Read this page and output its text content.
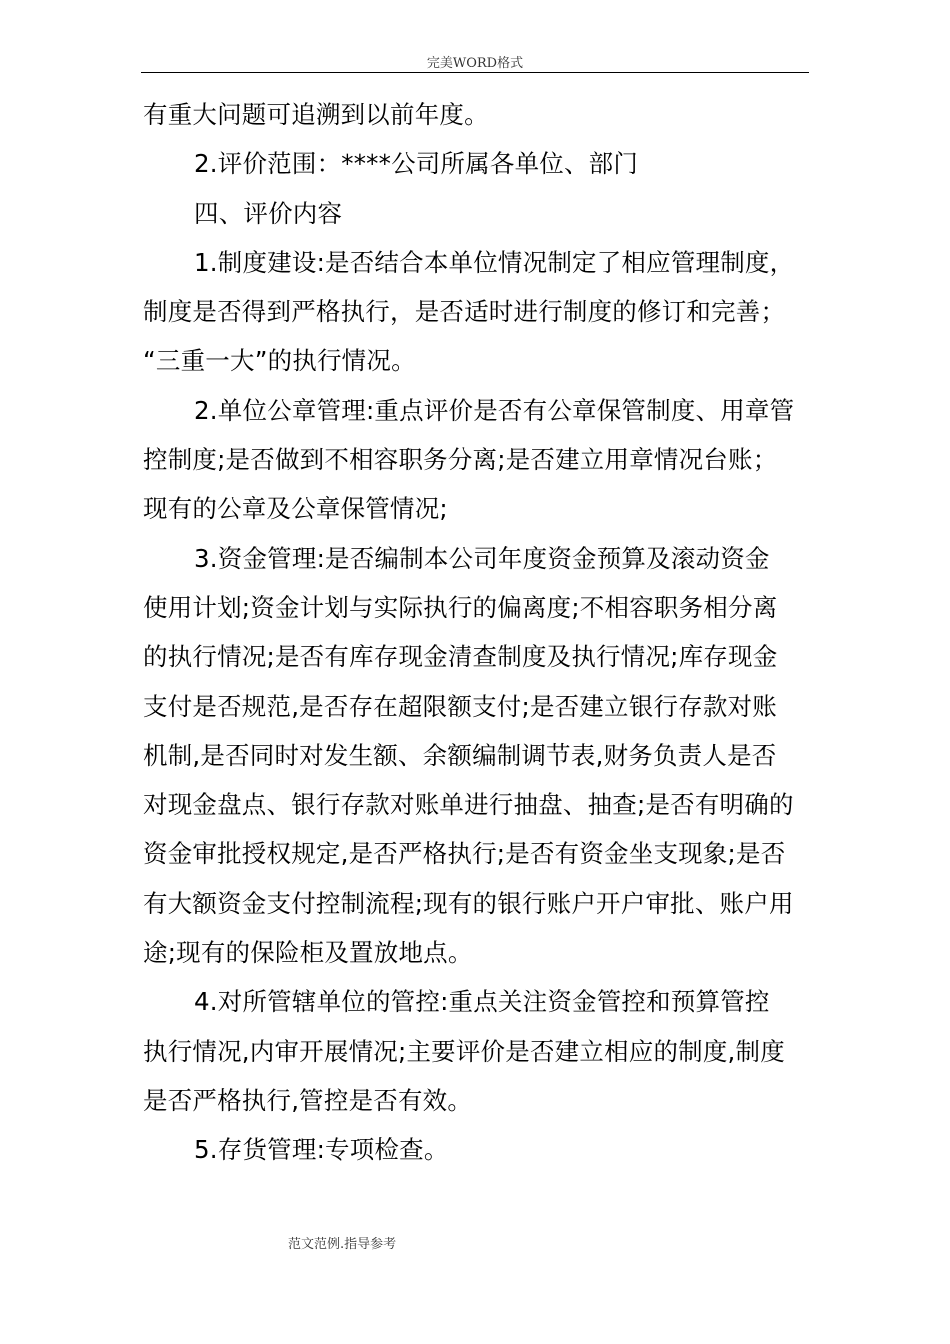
完美WORD格式
有重大问题可追溯到以前年度。
2.评价范围：****公司所属各单位、部门
四、评价内容
1.制度建设:是否结合本单位情况制定了相应管理制度，
制度是否得到严格执行，是否适时进行制度的修订和完善；
“三重一大”的执行情况。
2.单位公章管理:重点评价是否有公章保管制度、用章管
控制度;是否做到不相容职务分离;是否建立用章情况台账；
现有的公章及公章保管情况;
3.资金管理:是否编制本公司年度资金预算及滚动资金
使用计划;资金计划与实际执行的偏离度;不相容职务相分离
的执行情况;是否有库存现金清查制度及执行情况;库存现金
支付是否规范,是否存在超限额支付;是否建立银行存款对账
机制,是否同时对发生额、余额编制调节表,财务负责人是否
对现金盘点、银行存款对账单进行抽盘、抽查;是否有明确的
资金审批授权规定,是否严格执行;是否有资金坐支现象;是否
有大额资金支付控制流程;现有的银行账户开户审批、账户用
途;现有的保险柜及置放地点。
4.对所管辖单位的管控:重点关注资金管控和预算管控
执行情况,内审开展情况;主要评价是否建立相应的制度,制度
是否严格执行,管控是否有效。
5.存货管理:专项检查。
范文范例.指导参考
